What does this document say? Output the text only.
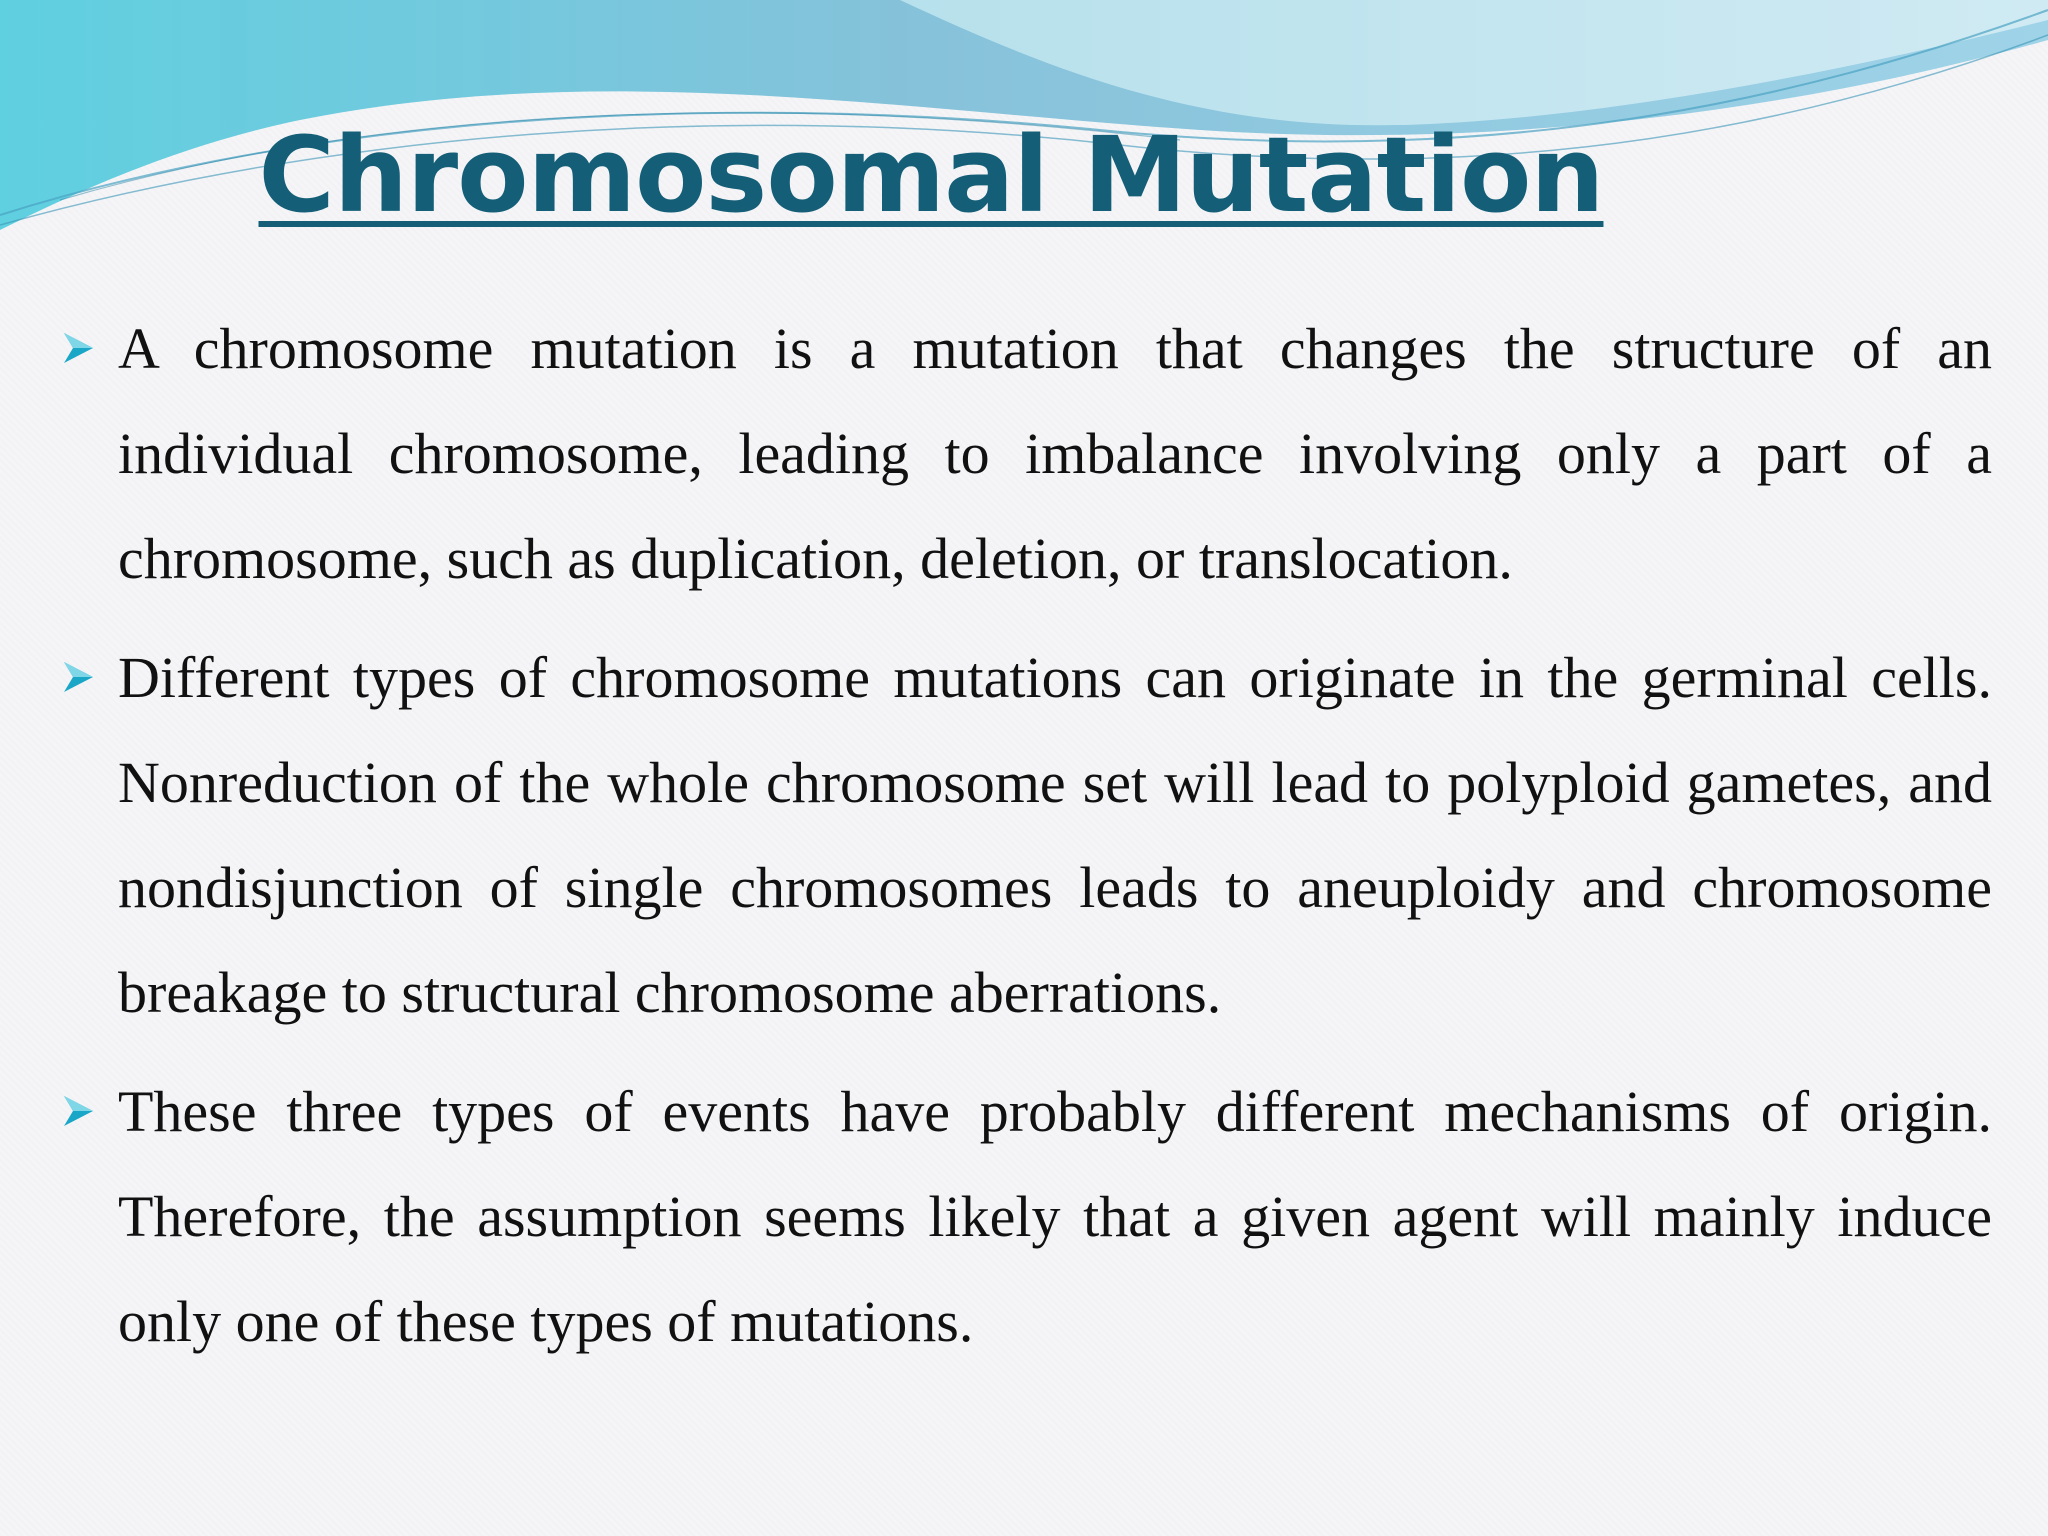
Chromosomal Mutation
A chromosome mutation is a mutation that changes the structure of an individual chromosome, leading to imbalance involving only a part of a chromosome, such as duplication, deletion, or translocation.
Different types of chromosome mutations can originate in the germinal cells. Nonreduction of the whole chromosome set will lead to polyploid gametes, and nondisjunction of single chromosomes leads to aneuploidy and chromosome breakage to structural chromosome aberrations.
These three types of events have probably different mechanisms of origin. Therefore, the assumption seems likely that a given agent will mainly induce only one of these types of mutations.
